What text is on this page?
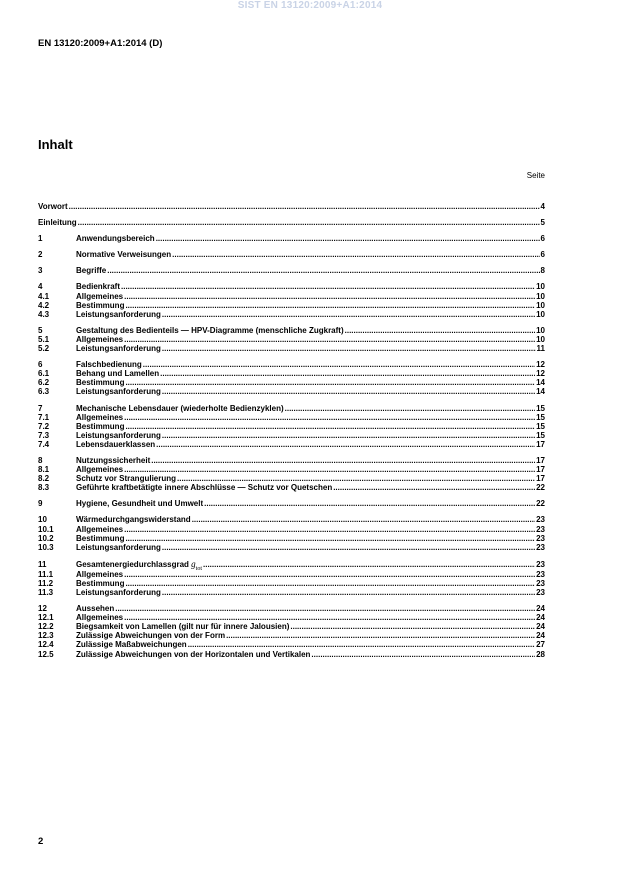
SIST EN 13120:2009+A1:2014
EN 13120:2009+A1:2014 (D)
Inhalt
Seite
Vorwort .....	4
Einleitung .....	5
1	Anwendungsbereich .....	6
2	Normative Verweisungen .....	6
3	Begriffe .....	8
4	Bedienkraft .....	10
4.1	Allgemeines .....	10
4.2	Bestimmung .....	10
4.3	Leistungsanforderung .....	10
5	Gestaltung des Bedienteils — HPV-Diagramme (menschliche Zugkraft) .....	10
5.1	Allgemeines .....	10
5.2	Leistungsanforderung .....	11
6	Falschbedienung .....	12
6.1	Behang und Lamellen .....	12
6.2	Bestimmung .....	14
6.3	Leistungsanforderung .....	14
7	Mechanische Lebensdauer (wiederholte Bedienzyklen) .....	15
7.1	Allgemeines .....	15
7.2	Bestimmung .....	15
7.3	Leistungsanforderung .....	15
7.4	Lebensdauerklassen .....	17
8	Nutzungssicherheit .....	17
8.1	Allgemeines .....	17
8.2	Schutz vor Strangulierung .....	17
8.3	Geführte kraftbetätigte innere Abschlüsse — Schutz vor Quetschen .....	22
9	Hygiene, Gesundheit und Umwelt .....	22
10	Wärmedurchgangswiderstand .....	23
10.1	Allgemeines .....	23
10.2	Bestimmung .....	23
10.3	Leistungsanforderung .....	23
11	Gesamtenergiedurchlassgrad $g_{tot}$ .....	23
11.1	Allgemeines .....	23
11.2	Bestimmung .....	23
11.3	Leistungsanforderung .....	23
12	Aussehen .....	24
12.1	Allgemeines .....	24
12.2	Biegsamkeit von Lamellen (gilt nur für innere Jalousien) .....	24
12.3	Zulässige Abweichungen von der Form .....	24
12.4	Zulässige Maßabweichungen .....	27
12.5	Zulässige Abweichungen von der Horizontalen und Vertikalen .....	28
2
